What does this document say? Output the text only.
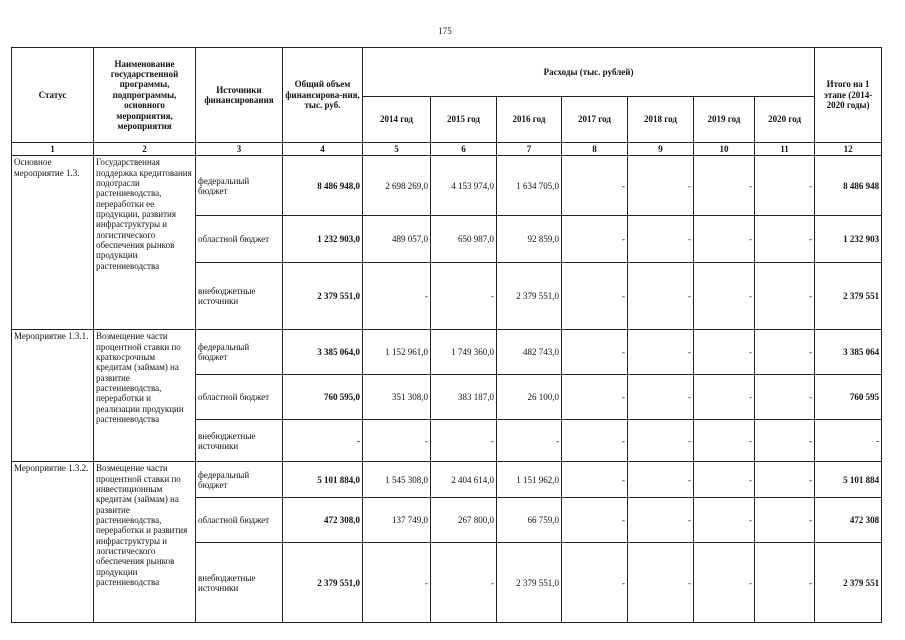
175
Статус	Наименование государственной программы, подпрограммы, основного мероприятия, мероприятия	Источники финансирования	Общий объем финансирова-ния, тыс. руб.	Расходы (тыс. рублей)							Итого на 1 этапе (2014-2020 годы)
				2014 год	2015 год	2016 год	2017 год	2018 год	2019 год	2020 год	
1	2	3	4	5	6	7	8	9	10	11	12
Основное мероприятие 1.3.	Государственная поддержка кредитования подотрасли растениеводства, переработки ее продукции, развития инфраструктуры и логистического обеспечения рынков продукции растениеводства	федеральный бюджет	8 486 948,0	2 698 269,0	4 153 974,0	1 634 705,0	-	-	-	-	8 486 948
		областной бюджет	1 232 903,0	489 057,0	650 987,0	92 859,0	-	-	-	-	1 232 903
		внебюджетные источники	2 379 551,0	-	-	2 379 551,0	-	-	-	-	2 379 551
Мероприятие 1.3.1.	Возмещение части процентной ставки по краткосрочным кредитам (займам) на развитие растениеводства, переработки и реализации продукции растениеводства	федеральный бюджет	3 385 064,0	1 152 961,0	1 749 360,0	482 743,0	-	-	-	-	3 385 064
		областной бюджет	760 595,0	351 308,0	383 187,0	26 100,0	-	-	-	-	760 595
		внебюджетные источники	-	-	-	-	-	-	-	-	-
Мероприятие 1.3.2.	Возмещение части процентной ставки по инвестиционным кредитам (займам) на развитие растениеводства, переработки и развития инфраструктуры и логистического обеспечения рынков продукции растениеводства	федеральный бюджет	5 101 884,0	1 545 308,0	2 404 614,0	1 151 962,0	-	-	-	-	5 101 884
		областной бюджет	472 308,0	137 749,0	267 800,0	66 759,0	-	-	-	-	472 308
		внебюджетные источники	2 379 551,0	-	-	2 379 551,0	-	-	-	-	2 379 551
